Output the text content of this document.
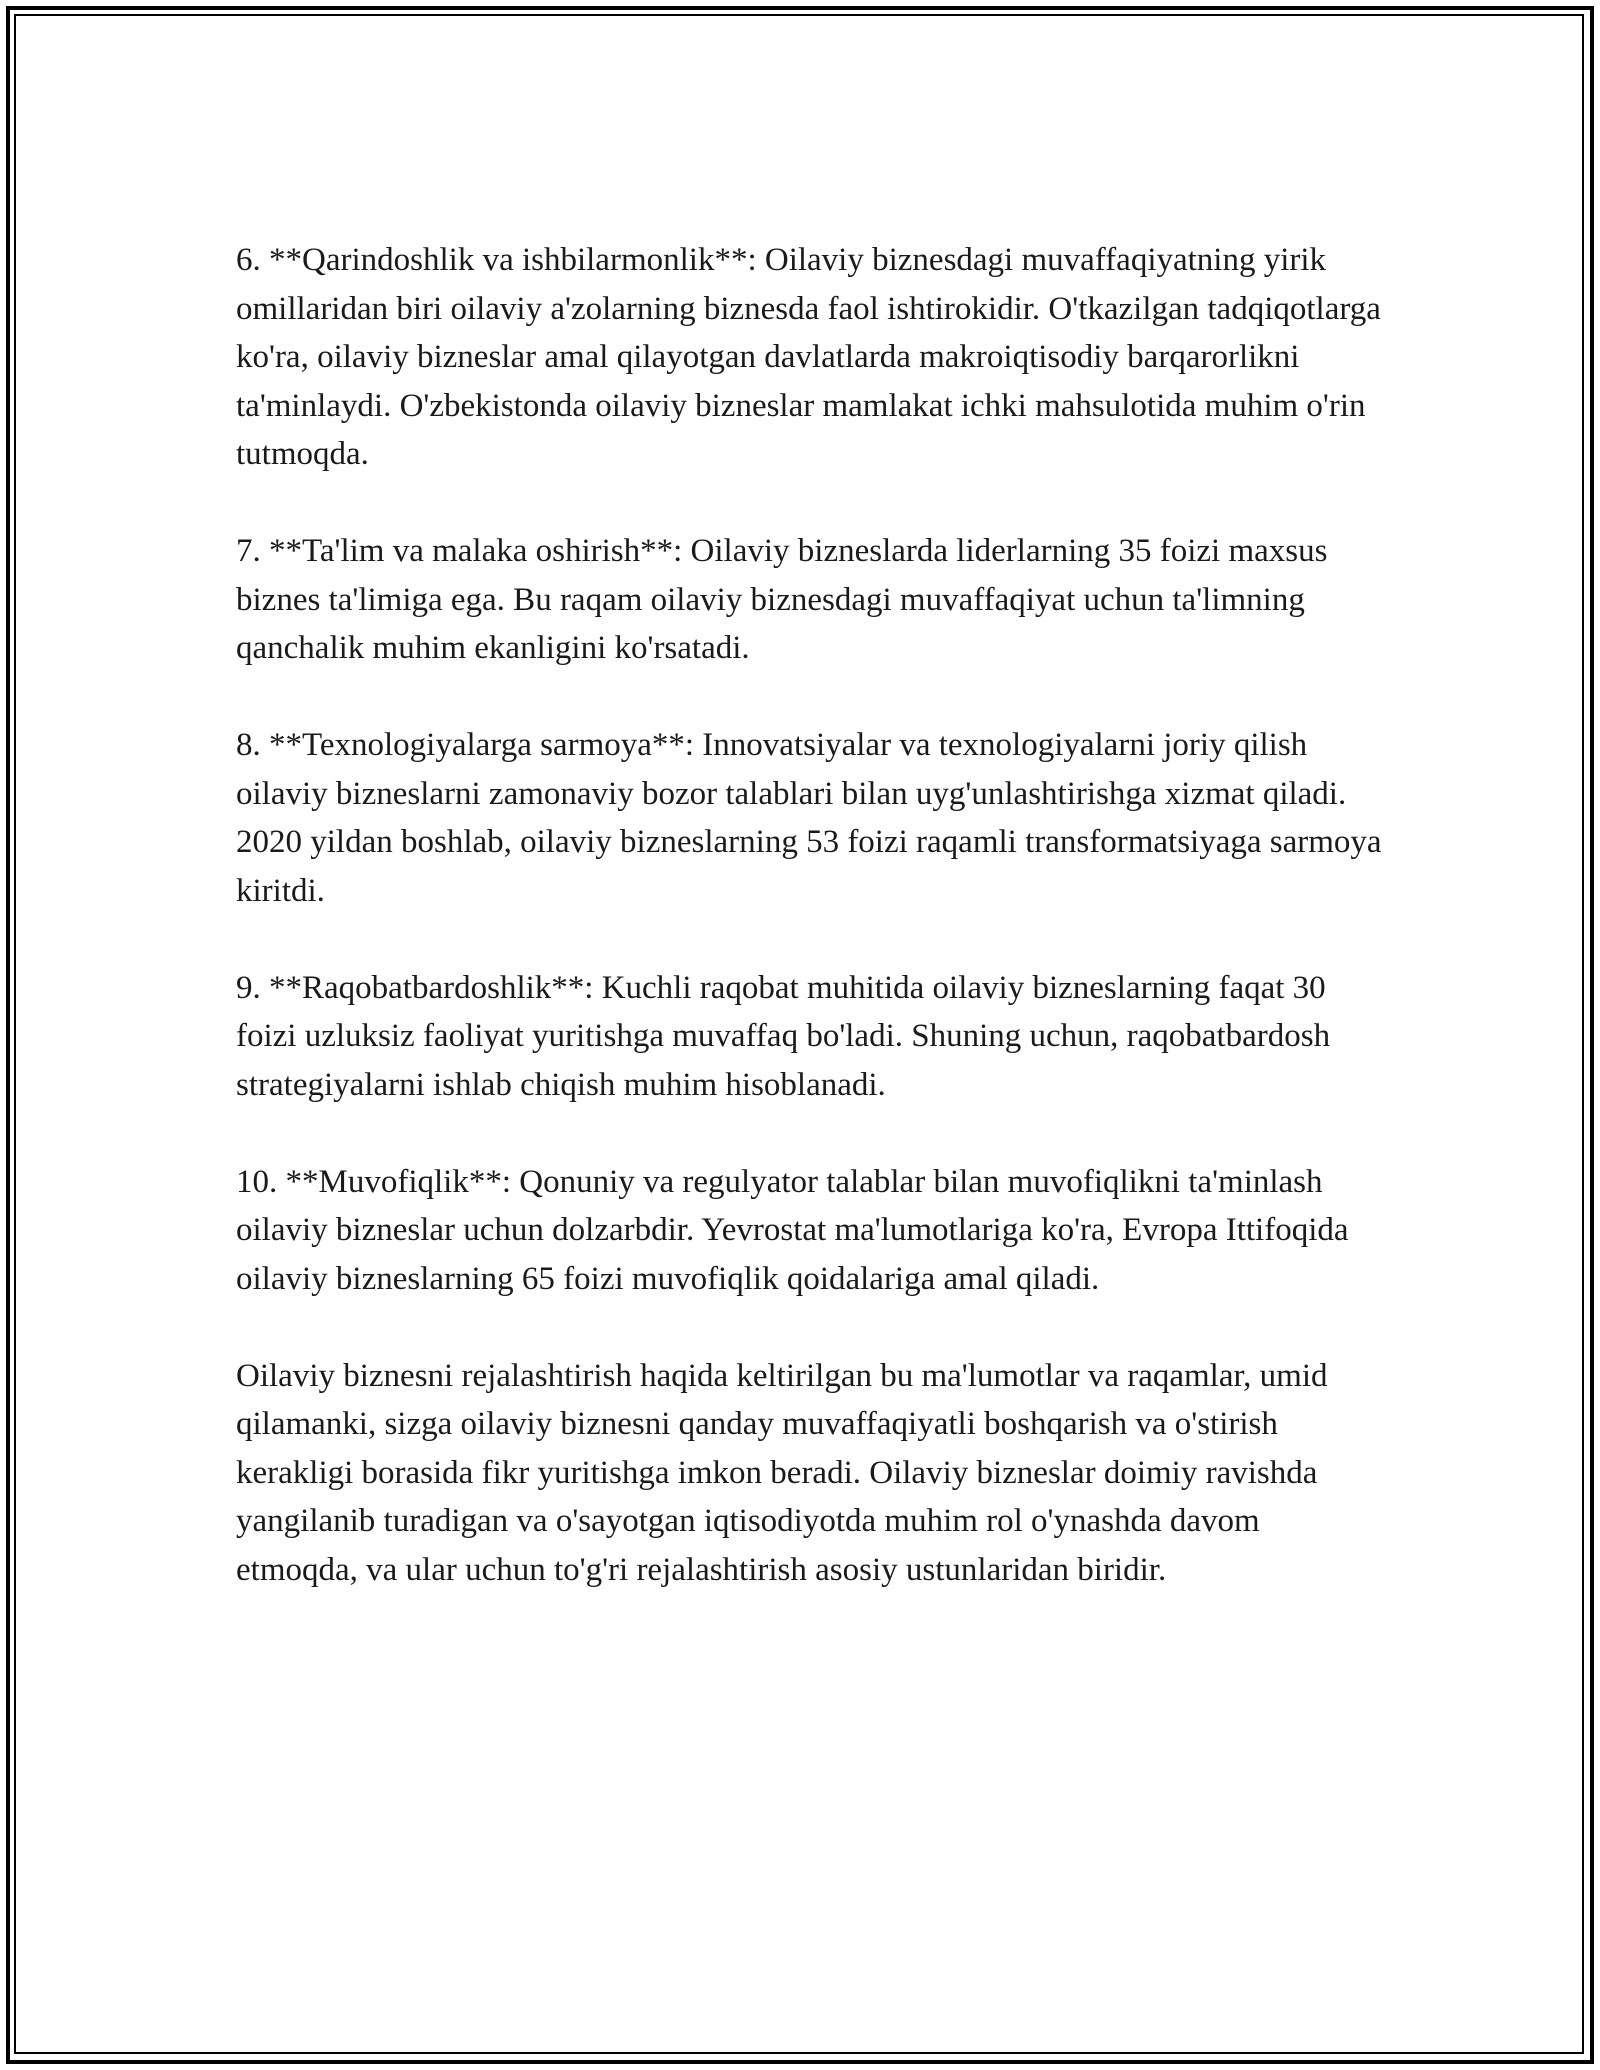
6. **Qarindoshlik va ishbilarmonlik**: Oilaviy biznesdagi muvaffaqiyatning yirik omillaridan biri oilaviy a'zolarning biznesda faol ishtirokidir. O'tkazilgan tadqiqotlarga ko'ra, oilaviy bizneslar amal qilayotgan davlatlarda makroiqtisodiy barqarorlikni ta'minlaydi. O'zbekistonda oilaviy bizneslar mamlakat ichki mahsulotida muhim o'rin tutmoqda.

7. **Ta'lim va malaka oshirish**: Oilaviy bizneslarda liderlarning 35 foizi maxsus biznes ta'limiga ega. Bu raqam oilaviy biznesdagi muvaffaqiyat uchun ta'limning qanchalik muhim ekanligini ko'rsatadi.

8. **Texnologiyalarga sarmoya**: Innovatsiyalar va texnologiyalarni joriy qilish oilaviy bizneslarni zamonaviy bozor talablari bilan uyg'unlashtirishga xizmat qiladi. 2020 yildan boshlab, oilaviy bizneslarning 53 foizi raqamli transformatsiyaga sarmoya kiritdi.

9. **Raqobatbardoshlik**: Kuchli raqobat muhitida oilaviy bizneslarning faqat 30 foizi uzluksiz faoliyat yuritishga muvaffaq bo'ladi. Shuning uchun, raqobatbardosh strategiyalarni ishlab chiqish muhim hisoblanadi.

10. **Muvofiqlik**: Qonuniy va regulyator talablar bilan muvofiqlikni ta'minlash oilaviy bizneslar uchun dolzarbdir. Yevrostat ma'lumotlariga ko'ra, Evropa Ittifoqida oilaviy bizneslarning 65 foizi muvofiqlik qoidalariga amal qiladi.

Oilaviy biznesni rejalashtirish haqida keltirilgan bu ma'lumotlar va raqamlar, umid qilamanki, sizga oilaviy biznesni qanday muvaffaqiyatli boshqarish va o'stirish kerakligi borasida fikr yuritishga imkon beradi. Oilaviy bizneslar doimiy ravishda yangilanib turadigan va o'sayotgan iqtisodiyotda muhim rol o'ynashda davom etmoqda, va ular uchun to'g'ri rejalashtirish asosiy ustunlaridan biridir.
